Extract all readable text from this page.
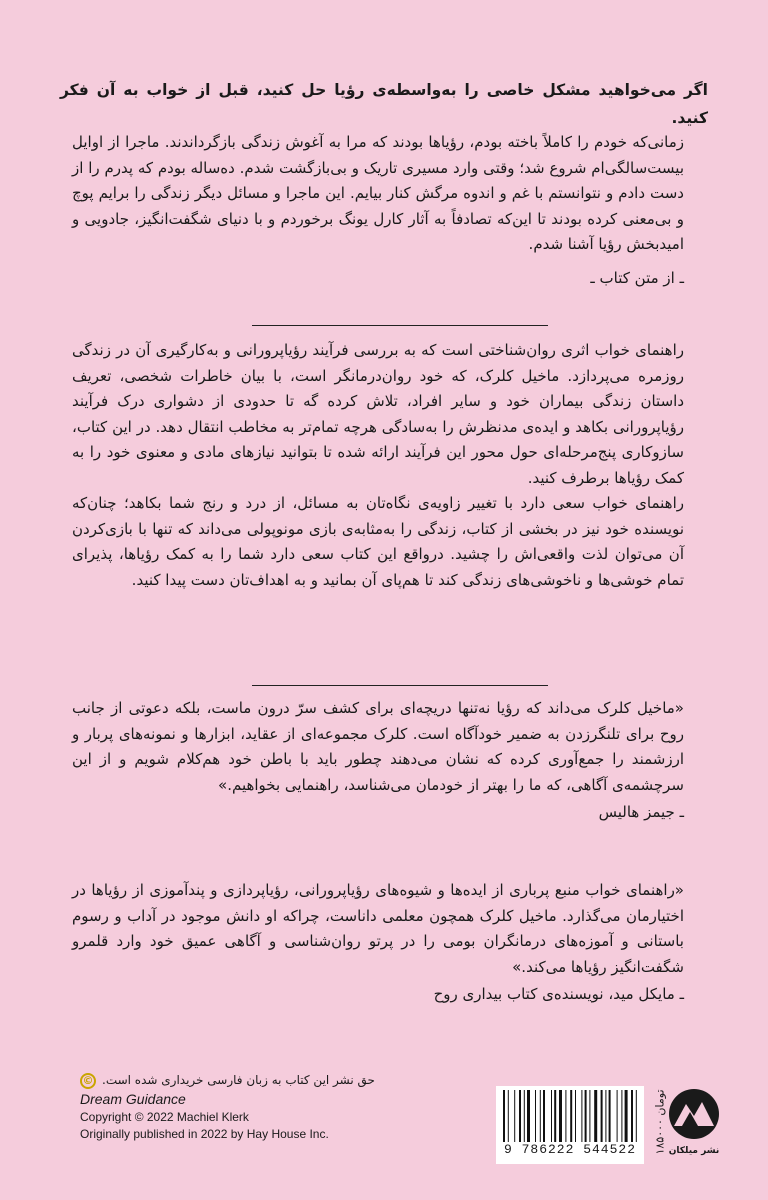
اگر می‌خواهید مشکل خاصی را به‌واسطه‌ی رؤیا حل کنید، قبل از خواب به آن فکر کنید.

زمانی‌که خودم را کاملاً باخته بودم، رؤیاها بودند که مرا به آغوش زندگی بازگرداندند. ماجرا از اوایل بیست‌سالگی‌ام شروع شد؛ وقتی وارد مسیری تاریک و بی‌بازگشت شدم. ده‌ساله بودم که پدرم را از دست دادم و نتوانستم با غم و اندوه مرگش کنار بیایم. این ماجرا و مسائل دیگر زندگی را برایم پوچ و بی‌معنی کرده بودند تا این‌که تصادفاً به آثار کارل یونگ برخوردم و با دنیای شگفت‌انگیز، جادویی و امیدبخش رؤیا آشنا شدم.

ـ از متن کتاب ـ

راهنمای خواب اثری روان‌شناختی است که به بررسی فرآیند رؤیاپرورانی و به‌کارگیری آن در زندگی روزمره می‌پردازد. ماخیل کلرک، که خود روان‌درمانگر است، با بیان خاطرات شخصی، تعریف داستان زندگی بیماران خود و سایر افراد، تلاش کرده‌ گه تا حدودی از دشواری درک فرآیند رؤیاپرورانی بکاهد و ایده‌ی مدنظرش را به‌سادگی هرچه تمام‌تر به مخاطب انتقال دهد. در این کتاب، سازوکاری پنج‌مرحله‌ای حول محور این فرآیند ارائه شده تا بتوانید نیازهای مادی و معنوی خود را به کمک رؤیاها برطرف کنید.

راهنمای خواب سعی دارد با تغییر زاویه‌ی نگاه‌تان به مسائل، از درد و رنج شما بکاهد؛ چنان‌که نویسنده خود نیز در بخشی از کتاب، زندگی را به‌مثابه‌ی بازی مونوپولی می‌داند که تنها با بازی‌کردن آن می‌توان لذت واقعی‌اش را چشید. درواقع این کتاب سعی دارد شما را به کمک رؤیاها، پذیرای تمام خوشی‌ها و ناخوشی‌های زندگی کند تا هم‌پای آن بمانید و به اهداف‌تان دست پیدا کنید.

«ماخیل کلرک می‌داند که رؤیا نه‌تنها دریچه‌ای برای کشف سرّ درون ماست، بلکه دعوتی از جانب روح برای تلنگرزدن به ضمیر خودآگاه است. کلرک مجموعه‌ای از عقاید، ابزارها و نمونه‌های پربار و ارزشمند را جمع‌آوری کرده که نشان می‌دهند چطور باید با باطن خود هم‌کلام شویم و از این سرچشمه‌ی آگاهی، که ما را بهتر از خودمان می‌شناسد، راهنمایی بخواهیم.»

ـ جیمز هالیس

«راهنمای خواب منبع پرباری از ایده‌ها و شیوه‌های رؤیاپرورانی، رؤیاپردازی و پندآموزی از رؤیاها در اختیارمان می‌گذارد. ماخیل کلرک همچون معلمی داناست، چراکه او دانش موجود در آداب و رسوم باستانی و آموزه‌های درمانگران بومی را در پرتو روان‌شناسی و آگاهی عمیق خود وارد قلمرو شگفت‌انگیز رؤیاها می‌کند.»

ـ مایکل مید، نویسنده‌ی کتاب بیداری روح
© حق نشر این کتاب به زبان فارسی خریداری شده است.
Dream Guidance
Copyright © 2022 Machiel Klerk
Originally published in 2022 by Hay House Inc.
9 786222 544522	۱۸۵۰۰۰ تومان
نشر میلکان
